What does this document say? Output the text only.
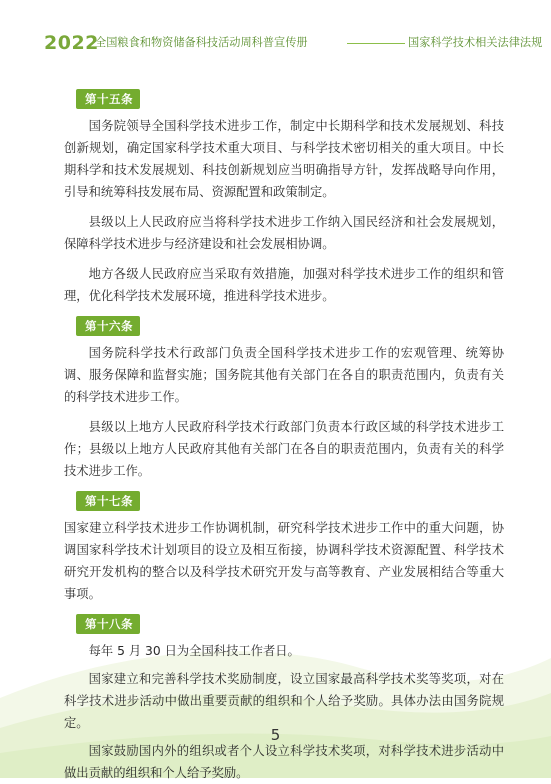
2022
全国粮食和物资储备科技活动周科普宣传册	国家科学技术相关法律法规
第十五条

国务院领导全国科学技术进步工作，制定中长期科学和技术发展规划、科技创新规划，确定国家科学技术重大项目、与科学技术密切相关的重大项目。中长期科学和技术发展规划、科技创新规划应当明确指导方针，发挥战略导向作用，引导和统筹科技发展布局、资源配置和政策制定。

县级以上人民政府应当将科学技术进步工作纳入国民经济和社会发展规划，保障科学技术进步与经济建设和社会发展相协调。

地方各级人民政府应当采取有效措施，加强对科学技术进步工作的组织和管理，优化科学技术发展环境，推进科学技术进步。

第十六条

国务院科学技术行政部门负责全国科学技术进步工作的宏观管理、统筹协调、服务保障和监督实施；国务院其他有关部门在各自的职责范围内，负责有关的科学技术进步工作。

县级以上地方人民政府科学技术行政部门负责本行政区域的科学技术进步工作；县级以上地方人民政府其他有关部门在各自的职责范围内，负责有关的科学技术进步工作。

第十七条

国家建立科学技术进步工作协调机制，研究科学技术进步工作中的重大问题，协调国家科学技术计划项目的设立及相互衔接，协调科学技术资源配置、科学技术研究开发机构的整合以及科学技术研究开发与高等教育、产业发展相结合等重大事项。

第十八条

每年 5 月 30 日为全国科技工作者日。

国家建立和完善科学技术奖励制度，设立国家最高科学技术奖等奖项，对在科学技术进步活动中做出重要贡献的组织和个人给予奖励。具体办法由国务院规定。

国家鼓励国内外的组织或者个人设立科学技术奖项，对科学技术进步活动中做出贡献的组织和个人给予奖励。

5
